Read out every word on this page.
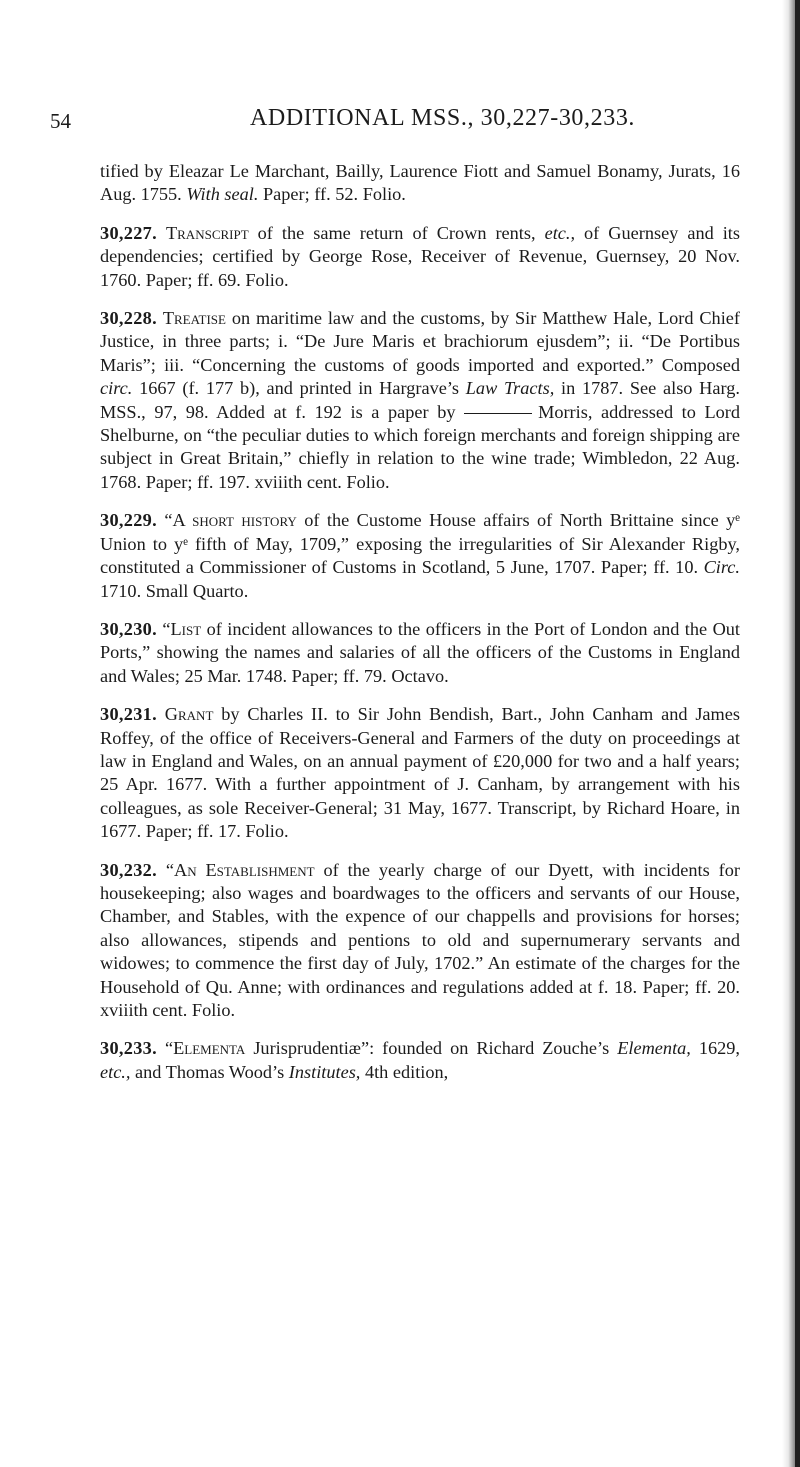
54	ADDITIONAL MSS., 30,227-30,233.

tified by Eleazar Le Marchant, Bailly, Laurence Fiott and Samuel Bonamy, Jurats, 16 Aug. 1755. With seal. Paper; ff. 52. Folio.

30,227. Transcript of the same return of Crown rents, etc., of Guernsey and its dependencies; certified by George Rose, Receiver of Revenue, Guernsey, 20 Nov. 1760. Paper; ff. 69. Folio.

30,228. Treatise on maritime law and the customs, by Sir Matthew Hale, Lord Chief Justice, in three parts; i. “De Jure Maris et brachiorum ejusdem”; ii. “De Portibus Maris”; iii. “Concerning the customs of goods imported and exported.” Composed circ. 1667 (f. 177 b), and printed in Hargrave’s Law Tracts, in 1787. See also Harg. MSS., 97, 98. Added at f. 192 is a paper by	Morris, addressed to Lord Shelburne, on “the peculiar duties to which foreign merchants and foreign shipping are subject in Great Britain,” chiefly in relation to the wine trade; Wimbledon, 22 Aug. 1768. Paper; ff. 197. xviiith cent. Folio.

30,229. “A short history of the Custome House affairs of North Brittaine since yᵉ Union to yᵉ fifth of May, 1709,” exposing the irregularities of Sir Alexander Rigby, constituted a Commissioner of Customs in Scotland, 5 June, 1707. Paper; ff. 10. Circ. 1710. Small Quarto.

30,230. “List of incident allowances to the officers in the Port of London and the Out Ports,” showing the names and salaries of all the officers of the Customs in England and Wales; 25 Mar. 1748. Paper; ff. 79. Octavo.

30,231. Grant by Charles II. to Sir John Bendish, Bart., John Canham and James Roffey, of the office of Receivers-General and Farmers of the duty on proceedings at law in England and Wales, on an annual payment of £20,000 for two and a half years; 25 Apr. 1677. With a further appointment of J. Canham, by arrangement with his colleagues, as sole Receiver-General; 31 May, 1677. Transcript, by Richard Hoare, in 1677. Paper; ff. 17. Folio.

30,232. “An Establishment of the yearly charge of our Dyett, with incidents for housekeeping; also wages and boardwages to the officers and servants of our House, Chamber, and Stables, with the expence of our chappells and provisions for horses; also allowances, stipends and pentions to old and supernumerary servants and widowes; to commence the first day of July, 1702.” An estimate of the charges for the Household of Qu. Anne; with ordinances and regulations added at f. 18. Paper; ff. 20. xviiith cent. Folio.

30,233. “Elementa Jurisprudentiæ”: founded on Richard Zouche’s Elementa, 1629, etc., and Thomas Wood’s Institutes, 4th edition,
